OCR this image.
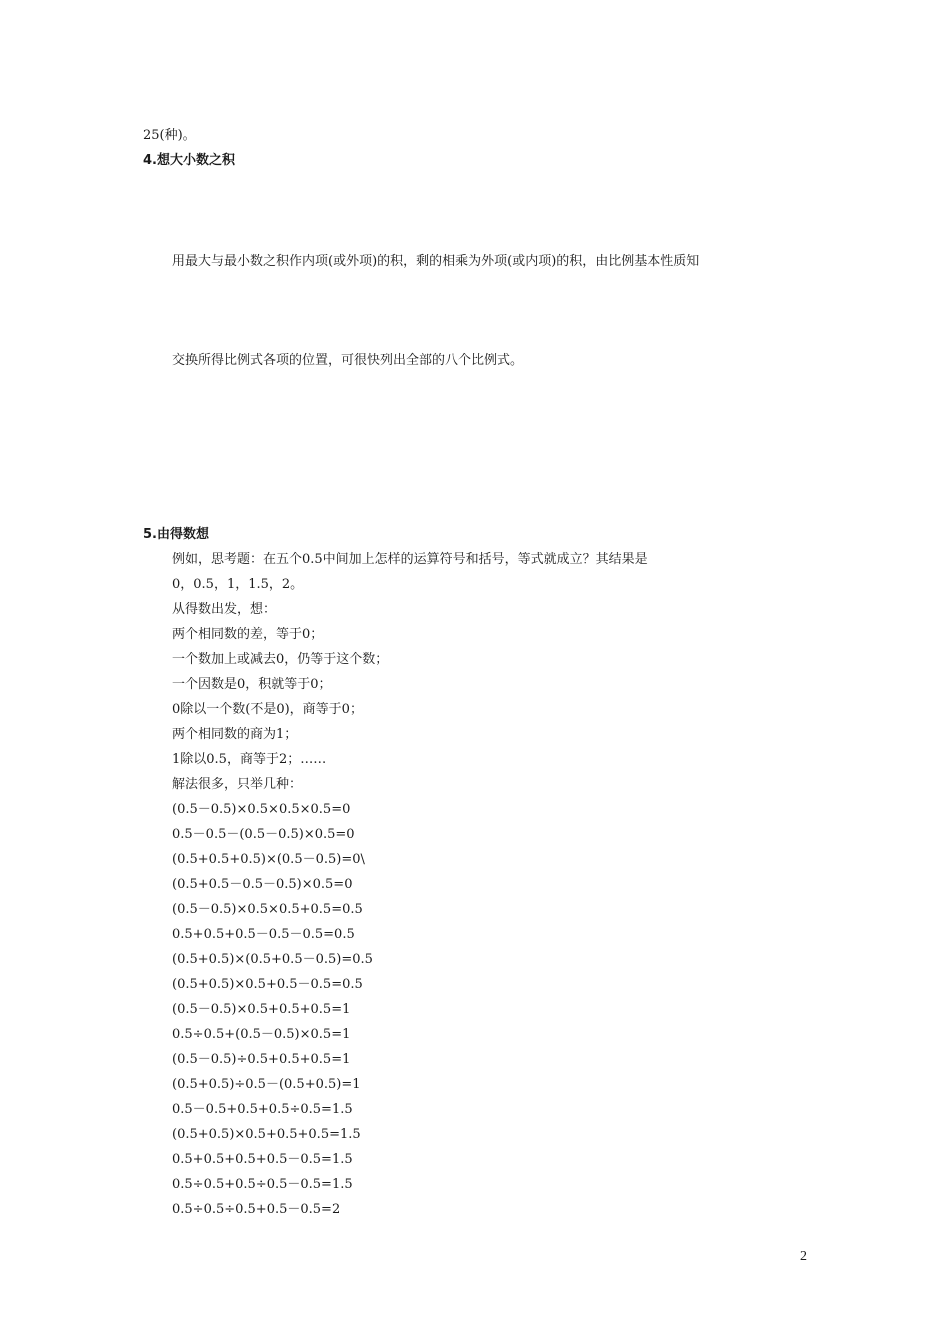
25(种)。
4.想大小数之积
用最大与最小数之积作内项(或外项)的积，剩的相乘为外项(或内项)的积，由比例基本性质知
交换所得比例式各项的位置，可很快列出全部的八个比例式。
5.由得数想
例如，思考题：在五个0.5中间加上怎样的运算符号和括号，等式就成立？其结果是
0，0.5，1，1.5，2。
从得数出发，想：
两个相同数的差，等于0；
一个数加上或减去0，仍等于这个数；
一个因数是0，积就等于0；
0除以一个数(不是0)，商等于0；
两个相同数的商为1；
1除以0.5，商等于2；……
解法很多，只举几种：
(0.5－0.5)×0.5×0.5×0.5=0
0.5－0.5－(0.5－0.5)×0.5=0
(0.5+0.5+0.5)×(0.5－0.5)=0\
(0.5+0.5－0.5－0.5)×0.5=0
(0.5－0.5)×0.5×0.5+0.5=0.5
0.5+0.5+0.5－0.5－0.5=0.5
(0.5+0.5)×(0.5+0.5－0.5)=0.5
(0.5+0.5)×0.5+0.5－0.5=0.5
(0.5－0.5)×0.5+0.5+0.5=1
0.5÷0.5+(0.5－0.5)×0.5=1
(0.5－0.5)÷0.5+0.5+0.5=1
(0.5+0.5)÷0.5－(0.5+0.5)=1
0.5－0.5+0.5+0.5÷0.5=1.5
(0.5+0.5)×0.5+0.5+0.5=1.5
0.5+0.5+0.5+0.5－0.5=1.5
0.5÷0.5+0.5÷0.5－0.5=1.5
0.5÷0.5÷0.5+0.5－0.5=2
2
